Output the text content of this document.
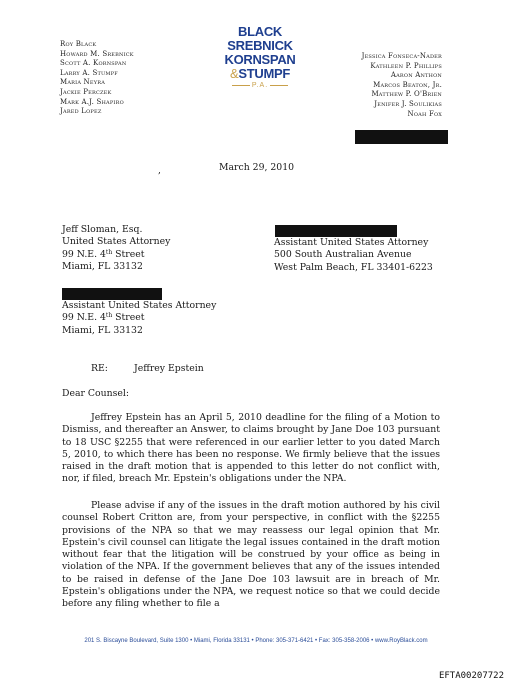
Roy Black
Howard M. Srebnick
Scott A. Kornspan
Larry A. Stumpf
Maria Neyra
Jackie Perczek
Mark A.J. Shapiro
Jared Lopez
BLACK
SREBNICK
KORNSPAN
&STUMPF
P.A.
Jessica Fonseca-Nader
Kathleen P. Phillips
Aaron Anthon
Marcos Beaton, Jr.
Matthew P. O'Brien
Jenifer J. Soulikias
Noah Fox
,	March 29, 2010
Jeff Sloman, Esq.
United States Attorney
99 N.E. 4th Street
Miami, FL 33132
Assistant United States Attorney
500 South Australian Avenue
West Palm Beach, FL 33401-6223
Assistant United States Attorney
99 N.E. 4th Street
Miami, FL 33132
RE:	Jeffrey Epstein
Dear Counsel:

Jeffrey Epstein has an April 5, 2010 deadline for the filing of a Motion to Dismiss, and thereafter an Answer, to claims brought by Jane Doe 103 pursuant to 18 USC §2255 that were referenced in our earlier letter to you dated March 5, 2010, to which there has been no response. We firmly believe that the issues raised in the draft motion that is appended to this letter do not conflict with, nor, if filed, breach Mr. Epstein's obligations under the NPA.

Please advise if any of the issues in the draft motion authored by his civil counsel Robert Critton are, from your perspective, in conflict with the §2255 provisions of the NPA so that we may reassess our legal opinion that Mr. Epstein's civil counsel can litigate the legal issues contained in the draft motion without fear that the litigation will be construed by your office as being in violation of the NPA. If the government believes that any of the issues intended to be raised in defense of the Jane Doe 103 lawsuit are in breach of Mr. Epstein's obligations under the NPA, we request notice so that we could decide before any filing whether to file a

201 S. Biscayne Boulevard, Suite 1300 • Miami, Florida 33131 • Phone: 305-371-6421 • Fax: 305-358-2006 • www.RoyBlack.com
EFTA00207722
